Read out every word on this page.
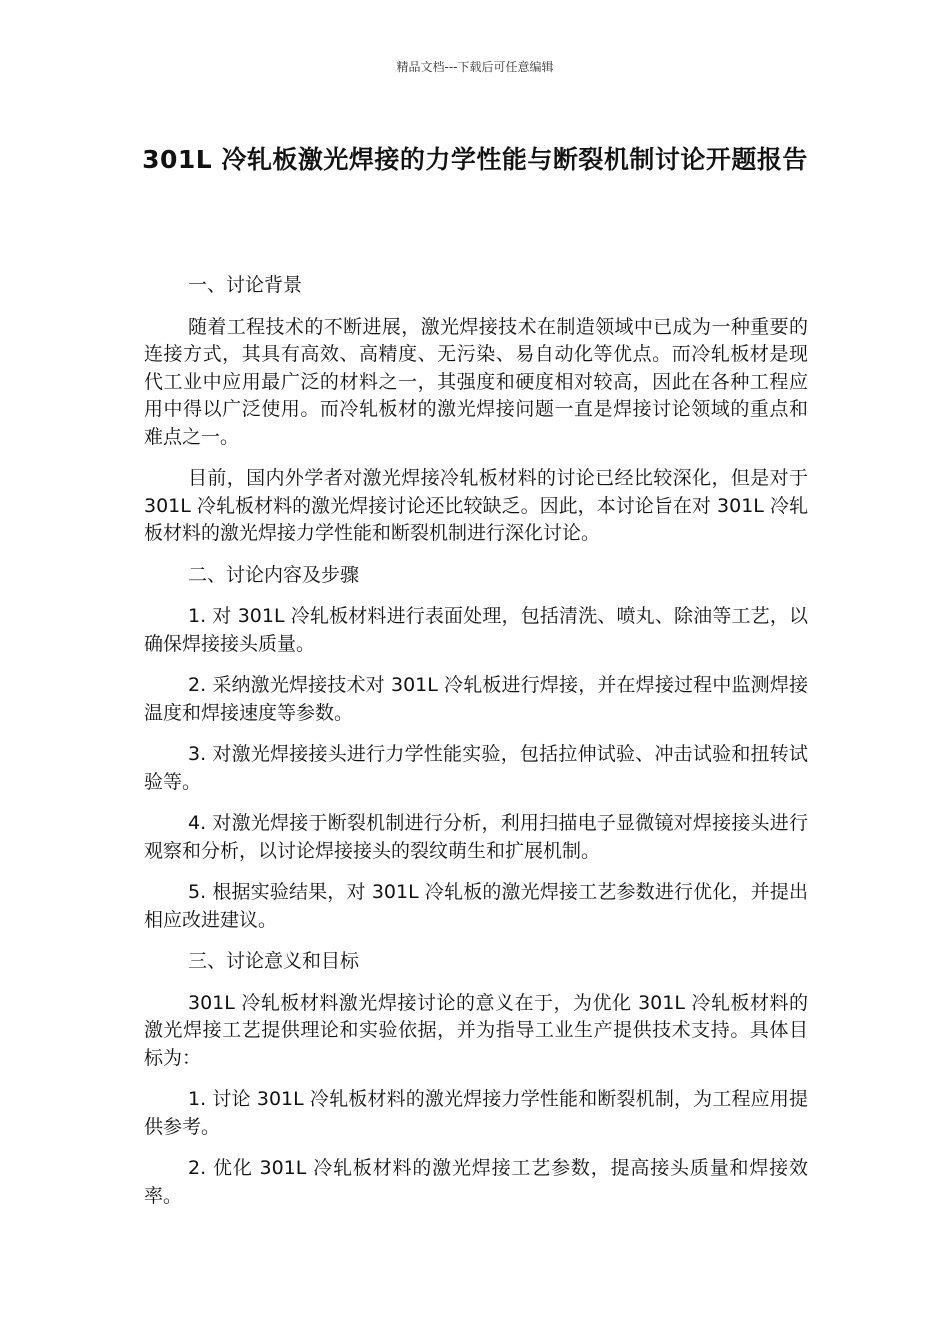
精品文档---下载后可任意编辑
301L 冷轧板激光焊接的力学性能与断裂机制讨论开题报告

一、讨论背景

随着工程技术的不断进展，激光焊接技术在制造领域中已成为一种重要的连接方式，其具有高效、高精度、无污染、易自动化等优点。而冷轧板材是现代工业中应用最广泛的材料之一，其强度和硬度相对较高，因此在各种工程应用中得以广泛使用。而冷轧板材的激光焊接问题一直是焊接讨论领域的重点和难点之一。

目前，国内外学者对激光焊接冷轧板材料的讨论已经比较深化，但是对于 301L 冷轧板材料的激光焊接讨论还比较缺乏。因此，本讨论旨在对 301L 冷轧板材料的激光焊接力学性能和断裂机制进行深化讨论。

二、讨论内容及步骤

1. 对 301L 冷轧板材料进行表面处理，包括清洗、喷丸、除油等工艺，以确保焊接接头质量。

2. 采纳激光焊接技术对 301L 冷轧板进行焊接，并在焊接过程中监测焊接温度和焊接速度等参数。

3. 对激光焊接接头进行力学性能实验，包括拉伸试验、冲击试验和扭转试验等。

4. 对激光焊接于断裂机制进行分析，利用扫描电子显微镜对焊接接头进行观察和分析，以讨论焊接接头的裂纹萌生和扩展机制。

5. 根据实验结果，对 301L 冷轧板的激光焊接工艺参数进行优化，并提出相应改进建议。

三、讨论意义和目标

301L 冷轧板材料激光焊接讨论的意义在于，为优化 301L 冷轧板材料的激光焊接工艺提供理论和实验依据，并为指导工业生产提供技术支持。具体目标为：

1. 讨论 301L 冷轧板材料的激光焊接力学性能和断裂机制，为工程应用提供参考。

2. 优化 301L 冷轧板材料的激光焊接工艺参数，提高接头质量和焊接效率。
